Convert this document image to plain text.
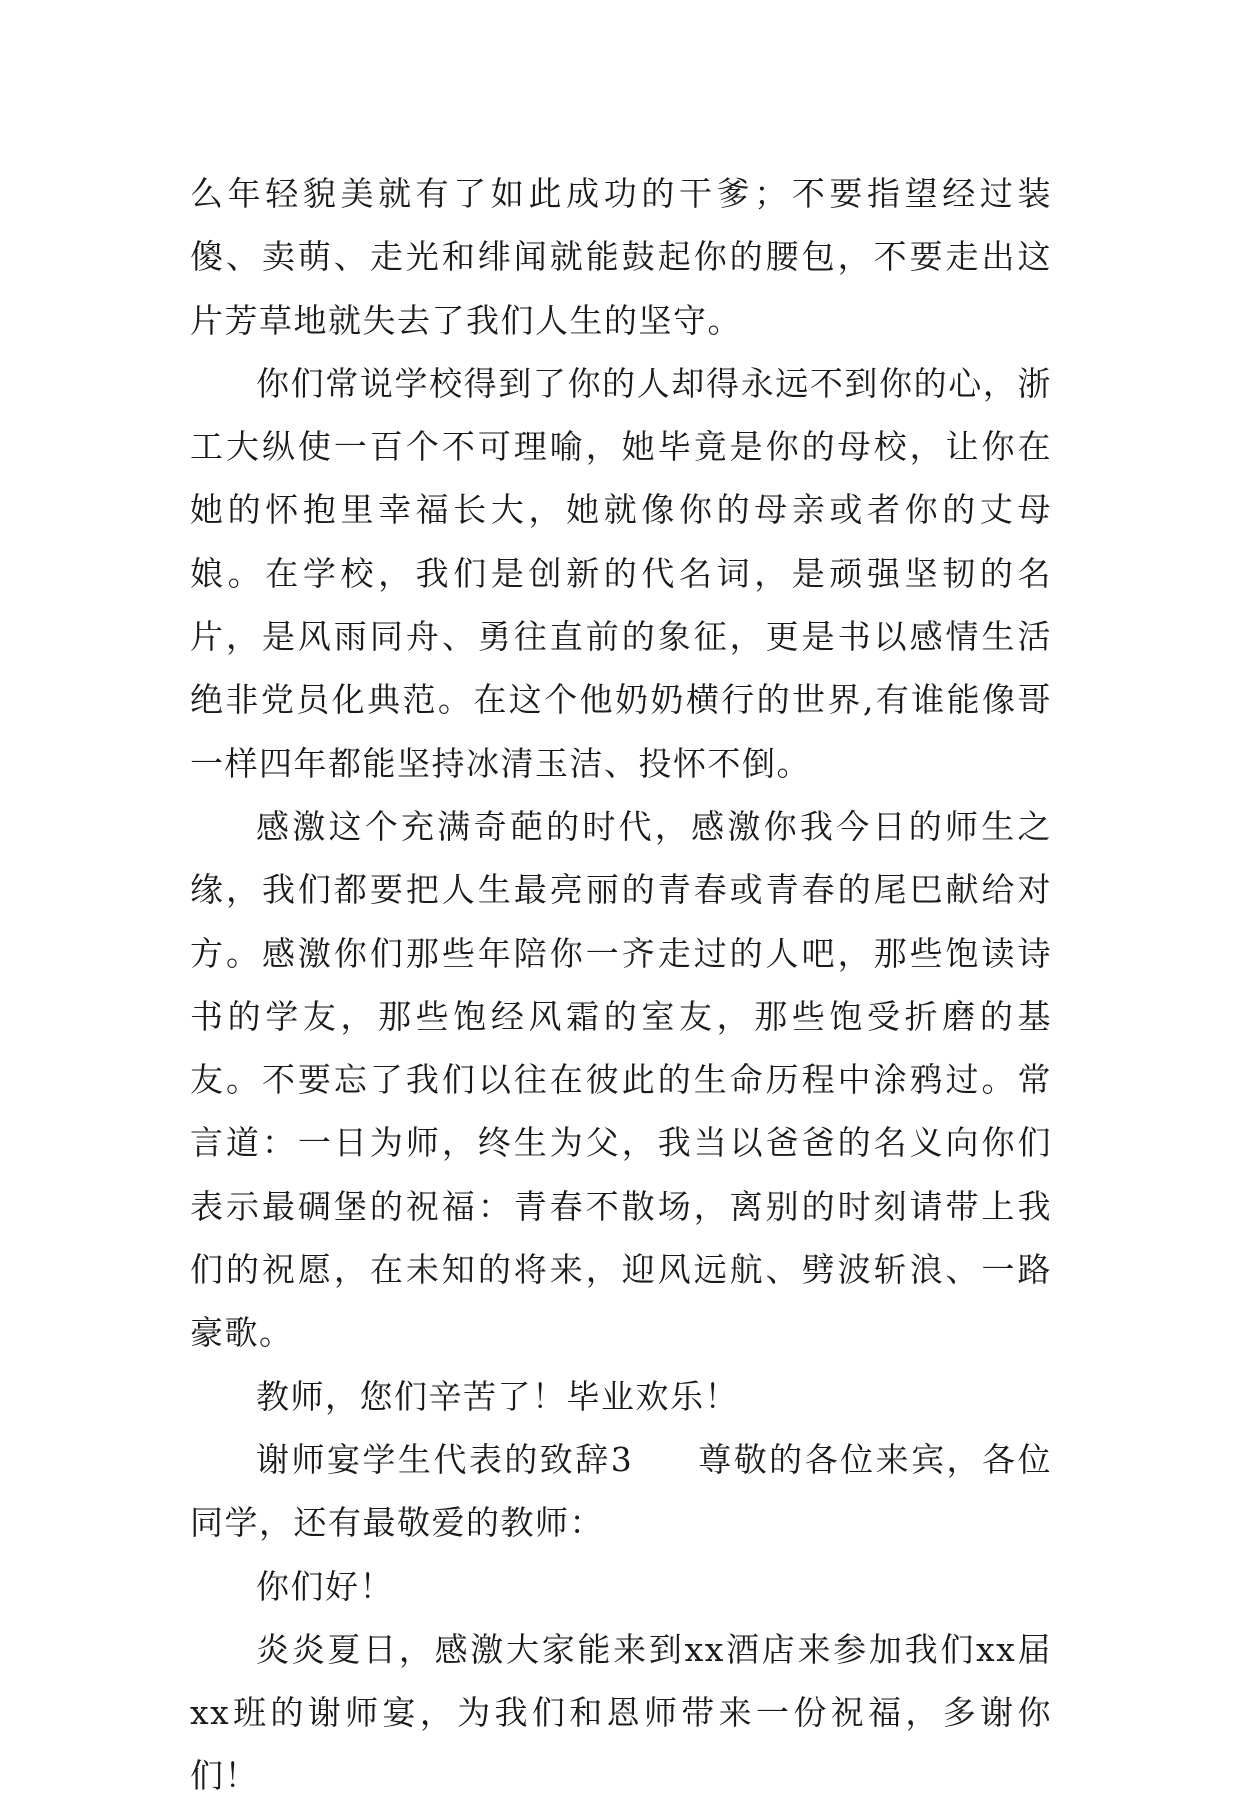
么年轻貌美就有了如此成功的干爹；不要指望经过装傻、卖萌、走光和绯闻就能鼓起你的腰包，不要走出这片芳草地就失去了我们人生的坚守。

你们常说学校得到了你的人却得永远不到你的心，浙工大纵使一百个不可理喻，她毕竟是你的母校，让你在她的怀抱里幸福长大，她就像你的母亲或者你的丈母娘。在学校，我们是创新的代名词，是顽强坚韧的名片，是风雨同舟、勇往直前的象征，更是书以感情生活绝非党员化典范。在这个他奶奶横行的世界,有谁能像哥一样四年都能坚持冰清玉洁、投怀不倒。

感激这个充满奇葩的时代，感激你我今日的师生之缘，我们都要把人生最亮丽的青春或青春的尾巴献给对方。感激你们那些年陪你一齐走过的人吧，那些饱读诗书的学友，那些饱经风霜的室友，那些饱受折磨的基友。不要忘了我们以往在彼此的生命历程中涂鸦过。常言道：一日为师，终生为父，我当以爸爸的名义向你们表示最碉堡的祝福：青春不散场，离别的时刻请带上我们的祝愿，在未知的将来，迎风远航、劈波斩浪、一路豪歌。

教师，您们辛苦了！毕业欢乐！

谢师宴学生代表的致辞3 尊敬的各位来宾，各位同学，还有最敬爱的教师：

你们好！

炎炎夏日，感激大家能来到xx酒店来参加我们xx届xx班的谢师宴，为我们和恩师带来一份祝福，多谢你们！
